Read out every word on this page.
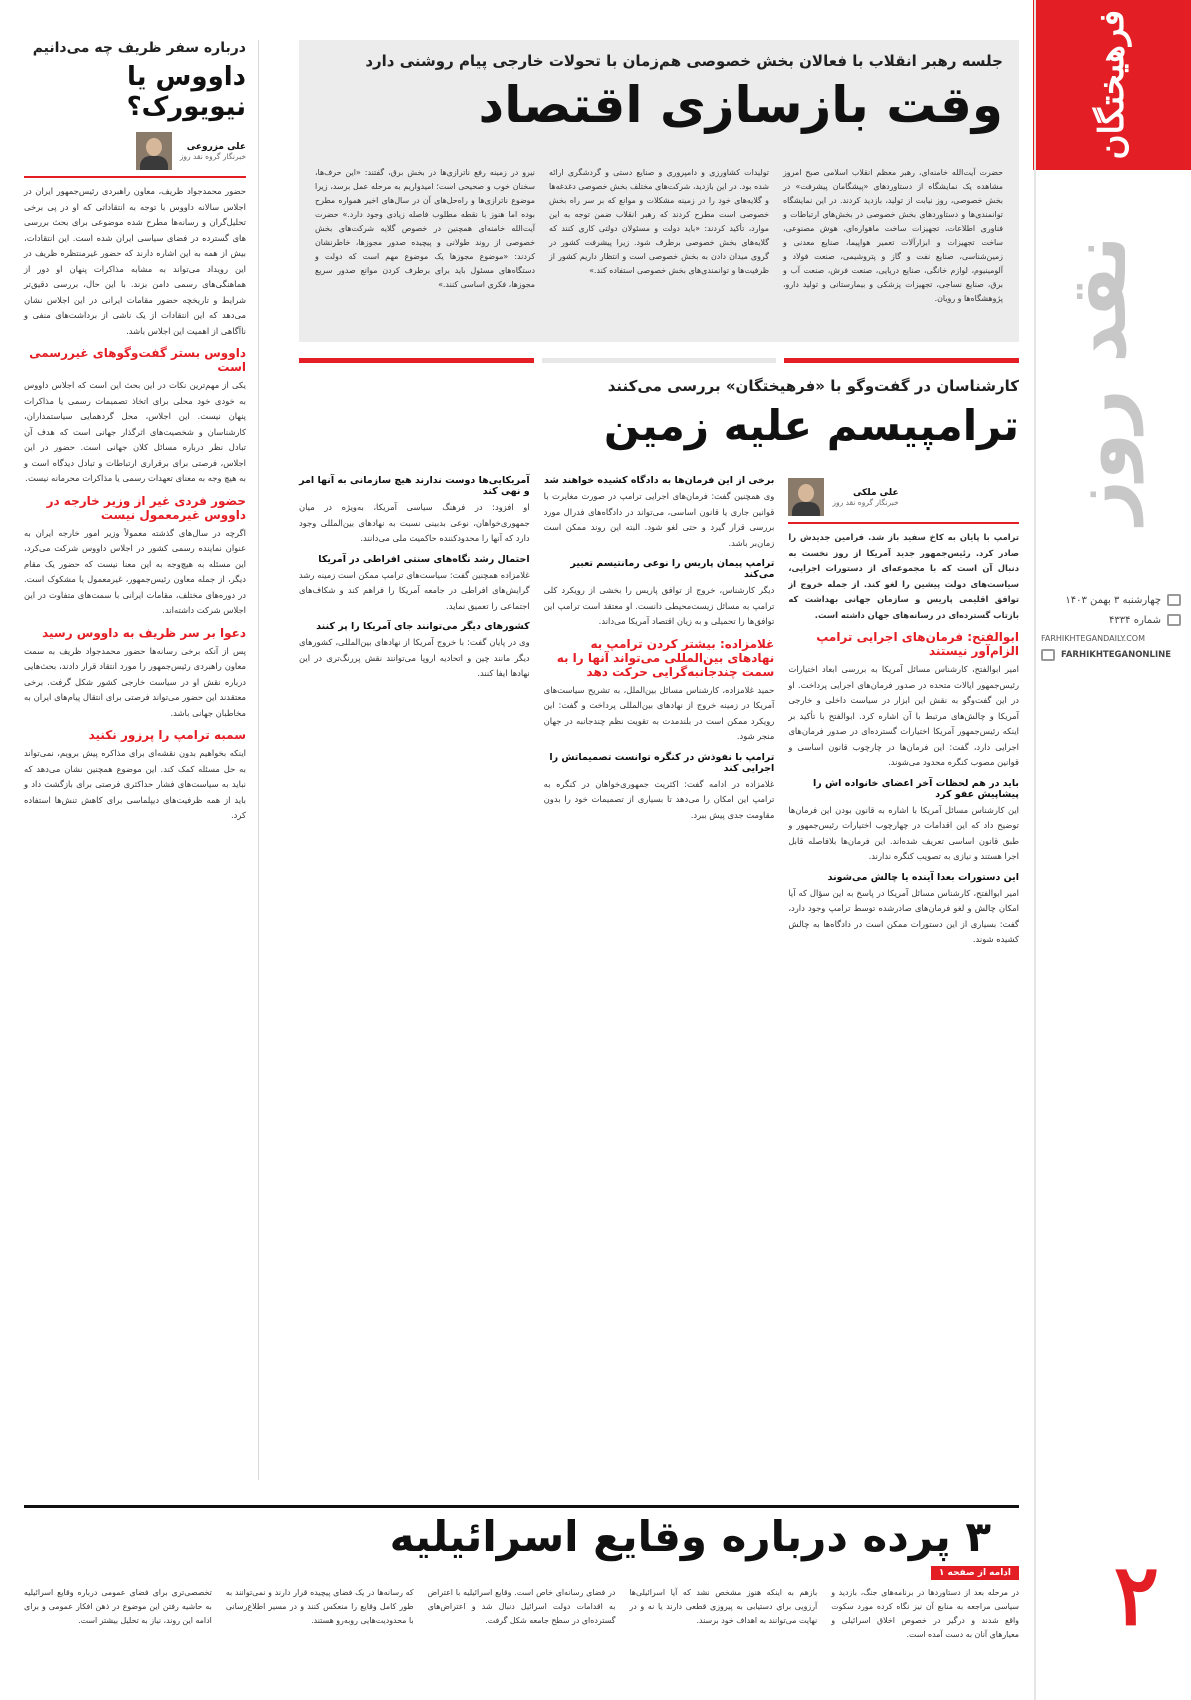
فرهیختگان
نقد روز
چهارشنبه ۳ بهمن ۱۴۰۳
شماره ۴۳۳۴
FARHIKHTEGANDAILY.COM
FARHIKHTEGANONLINE
۲
جلسه رهبر انقلاب با فعالان بخش خصوصی هم‌زمان با تحولات خارجی پیام روشنی دارد
وقت بازسازی اقتصاد
حضرت آیت‌الله خامنه‌ای، رهبر معظم انقلاب اسلامی صبح امروز مشاهده یک نمایشگاه از دستاوردهای «پیشگامان پیشرفت» در بخش خصوصی، روز نیابت از تولید، بازدید کردند. در این نمایشگاه توانمندی‌ها و دستاوردهای بخش خصوصی در بخش‌های ارتباطات و فناوری اطلاعات، تجهیزات ساخت ماهواره‌ای، هوش مصنوعی، ساخت تجهیزات و ابزارآلات تعمیر هواپیما، صنایع معدنی و زمین‌شناسی، صنایع نفت و گاز و پتروشیمی، صنعت فولاد و آلومینیوم، لوازم خانگی، صنایع دریایی، صنعت فرش، صنعت آب و برق، صنایع نساجی، تجهیزات پزشکی و بیمارستانی و تولید دارو، پژوهشگاه‌ها و رویان.
تولیدات کشاورزی و دامپروری و صنایع دستی و گردشگری ارائه شده بود. در این بازدید، شرکت‌های مختلف بخش خصوصی دغدغه‌ها و گلایه‌های خود را در زمینه مشکلات و موانع که بر سر راه بخش خصوصی است مطرح کردند که رهبر انقلاب ضمن توجه به این موارد، تأکید کردند: «باید دولت و مسئولان دولتی کاری کنند که گلایه‌های بخش خصوصی برطرف شود. زیرا پیشرفت کشور در گروی میدان دادن به بخش خصوصی است و انتظار داریم کشور از ظرفیت‌ها و توانمندی‌های بخش خصوصی استفاده کند.»
نیرو در زمینه رفع ناترازی‌ها در بخش برق، گفتند: «این حرف‌ها، سخنان خوب و صحیحی است؛ امیدواریم به مرحله عمل برسد، زیرا موضوع ناترازی‌ها و راه‌حل‌های آن در سال‌های اخیر همواره مطرح بوده اما هنوز با نقطه مطلوب فاصله زیادی وجود دارد.» حضرت آیت‌الله خامنه‌ای همچنین در خصوص گلایه شرکت‌های بخش خصوصی از روند طولانی و پیچیده صدور مجوزها، خاطرنشان کردند: «موضوع مجوزها یک موضوع مهم است که دولت و دستگاه‌های مسئول باید برای برطرف کردن موانع صدور سریع مجوزها، فکری اساسی کنند.»
درباره سفر ظریف چه می‌دانیم
داووس یا نیویورک؟
علی مزروعی
خبرنگار گروه نقد روز
حضور محمدجواد ظریف، معاون راهبردی رئیس‌جمهور ایران در اجلاس سالانه داووس با توجه به انتقاداتی که او در پی برخی تحلیل‌گران و رسانه‌ها مطرح شده موضوعی برای بحث بررسی های گسترده در فضای سیاسی ایران شده است. این انتقادات، بیش از همه به این اشاره دارند که حضور غیرمنتظره ظریف در این رویداد می‌تواند به مشابه مذاکرات پنهان او دور از هماهنگی‌های رسمی دامن بزند. با این حال، بررسی دقیق‌تر شرایط و تاریخچه حضور مقامات ایرانی در این اجلاس نشان می‌دهد که این انتقادات از یک ناشی از برداشت‌های منفی و ناآگاهی از اهمیت این اجلاس باشد.
داووس بستر گفت‌وگوهای غیررسمی است
یکی از مهم‌ترین نکات در این بحث این است که اجلاس داووس به خودی خود محلی برای اتخاذ تصمیمات رسمی یا مذاکرات پنهان نیست. این اجلاس، محل گردهمایی سیاستمداران، کارشناسان و شخصیت‌های اثرگذار جهانی است که هدف آن تبادل نظر درباره مسائل کلان جهانی است. حضور در این اجلاس، فرصتی برای برقراری ارتباطات و تبادل دیدگاه است و به هیچ وجه به معنای تعهدات رسمی یا مذاکرات محرمانه نیست.
حضور فردی غیر از وزیر خارجه در داووس غیرمعمول نیست
اگرچه در سال‌های گذشته معمولاً وزیر امور خارجه ایران به عنوان نماینده رسمی کشور در اجلاس داووس شرکت می‌کرد، این مسئله به هیچ‌وجه به این معنا نیست که حضور یک مقام دیگر، از جمله معاون رئیس‌جمهور، غیرمعمول یا مشکوک است. در دوره‌های مختلف، مقامات ایرانی با سمت‌های متفاوت در این اجلاس شرکت داشته‌اند.
دعوا بر سر ظریف به داووس رسید
پس از آنکه برخی رسانه‌ها حضور محمدجواد ظریف به سمت معاون راهبردی رئیس‌جمهور را مورد انتقاد قرار دادند، بحث‌هایی درباره نقش او در سیاست خارجی کشور شکل گرفت. برخی معتقدند این حضور می‌تواند فرصتی برای انتقال پیام‌های ایران به مخاطبان جهانی باشد.
سمبه ترامپ را پرزور نکنید
اینکه بخواهیم بدون نقشه‌ای برای مذاکره پیش برویم، نمی‌تواند به حل مسئله کمک کند. این موضوع همچنین نشان می‌دهد که نباید به سیاست‌های فشار حداکثری فرصتی برای بازگشت داد و باید از همه ظرفیت‌های دیپلماسی برای کاهش تنش‌ها استفاده کرد.
کارشناسان در گفت‌وگو با «فرهیختگان» بررسی می‌کنند
ترامپیسم علیه زمین
علی ملکی
خبرنگار گروه نقد روز
ترامپ با پایان به کاخ سفید باز شد. فرامین جدیدش را صادر کرد. رئیس‌جمهور جدید آمریکا از روز نخست به دنبال آن است که با مجموعه‌ای از دستورات اجرایی، سیاست‌های دولت پیشین را لغو کند. از جمله خروج از توافق اقلیمی پاریس و سازمان جهانی بهداشت که بازتاب گسترده‌ای در رسانه‌های جهان داشته است.
ابوالفتح: فرمان‌های اجرایی ترامپ الزام‌آور نیستند
امیر ابوالفتح، کارشناس مسائل آمریکا به بررسی ابعاد اختیارات رئیس‌جمهور ایالات متحده در صدور فرمان‌های اجرایی پرداخت. او در این گفت‌وگو به نقش این ابزار در سیاست داخلی و خارجی آمریکا و چالش‌های مرتبط با آن اشاره کرد. ابوالفتح با تأکید بر اینکه رئیس‌جمهور آمریکا اختیارات گسترده‌ای در صدور فرمان‌های اجرایی دارد، گفت: این فرمان‌ها در چارچوب قانون اساسی و قوانین مصوب کنگره محدود می‌شوند.
باید در هم لحظات آخر اعضای خانواده اش را پیشاپیش عفو کرد
این کارشناس مسائل آمریکا با اشاره به قانون بودن این فرمان‌ها توضیح داد که این اقدامات در چهارچوب اختیارات رئیس‌جمهور و طبق قانون اساسی تعریف شده‌اند. این فرمان‌ها بلافاصله قابل اجرا هستند و نیازی به تصویب کنگره ندارند.
این دستورات بعدا آینده یا چالش می‌شوند
امیر ابوالفتح، کارشناس مسائل آمریکا در پاسخ به این سؤال که آیا امکان چالش و لغو فرمان‌های صادرشده توسط ترامپ وجود دارد، گفت: بسیاری از این دستورات ممکن است در دادگاه‌ها به چالش کشیده شوند.
برخی از این فرمان‌ها به دادگاه کشیده خواهند شد
وی همچنین گفت: فرمان‌های اجرایی ترامپ در صورت مغایرت با قوانین جاری یا قانون اساسی، می‌تواند در دادگاه‌های فدرال مورد بررسی قرار گیرد و حتی لغو شود. البته این روند ممکن است زمان‌بر باشد.
ترامپ پیمان پاریس را نوعی رمانتیسم تعبیر می‌کند
دیگر کارشناس، خروج از توافق پاریس را بخشی از رویکرد کلی ترامپ به مسائل زیست‌محیطی دانست. او معتقد است ترامپ این توافق‌ها را تحمیلی و به زیان اقتصاد آمریکا می‌داند.
غلامزاده: بیشتر کردن ترامپ به نهادهای بین‌المللی می‌تواند آنها را به سمت چندجانبه‌گرایی حرکت دهد
حمید غلامزاده، کارشناس مسائل بین‌الملل، به تشریح سیاست‌های آمریکا در زمینه خروج از نهادهای بین‌المللی پرداخت و گفت: این رویکرد ممکن است در بلندمدت به تقویت نظم چندجانبه در جهان منجر شود.
ترامپ با نفوذش در کنگره توانست تصمیماتش را اجرایی کند
غلامزاده در ادامه گفت: اکثریت جمهوری‌خواهان در کنگره به ترامپ این امکان را می‌دهد تا بسیاری از تصمیمات خود را بدون مقاومت جدی پیش ببرد.
آمریکایی‌ها دوست ندارند هیچ سازمانی به آنها امر و نهی کند
او افزود: در فرهنگ سیاسی آمریکا، به‌ویژه در میان جمهوری‌خواهان، نوعی بدبینی نسبت به نهادهای بین‌المللی وجود دارد که آنها را محدودکننده حاکمیت ملی می‌دانند.
احتمال رشد نگاه‌های سنتی افراطی در آمریکا
غلامزاده همچنین گفت: سیاست‌های ترامپ ممکن است زمینه رشد گرایش‌های افراطی در جامعه آمریکا را فراهم کند و شکاف‌های اجتماعی را تعمیق نماید.
کشورهای دیگر می‌توانند جای آمریکا را پر کنند
وی در پایان گفت: با خروج آمریکا از نهادهای بین‌المللی، کشورهای دیگر مانند چین و اتحادیه اروپا می‌توانند نقش پررنگ‌تری در این نهادها ایفا کنند.
۳ پرده درباره وقایع اسرائیلیه
ادامه از صفحه ۱
در مرحله بعد از دستاوردها در برنامه‌های جنگ، بازدید و سیاسی مراجعه به منابع آن نیز نگاه کرده مورد سکوت واقع شدند و درگیر در خصوص اخلاق اسرائیلی و معیارهای آنان به دست آمده است.
بازهم به اینکه هنوز مشخص نشد که آیا اسرائیلی‌ها آرزویی برای دستیابی به پیروزی قطعی دارند یا نه و در نهایت می‌توانند به اهداف خود برسند.
در فضای رسانه‌ای خاص است. وقایع اسرائیلیه با اعتراض به اقدامات دولت اسرائیل دنبال شد و اعتراض‌های گسترده‌ای در سطح جامعه شکل گرفت.
که رسانه‌ها در یک فضای پیچیده قرار دارند و نمی‌توانند به طور کامل وقایع را منعکس کنند و در مسیر اطلاع‌رسانی با محدودیت‌هایی روبه‌رو هستند.
تخصصی‌تری برای فضای عمومی درباره وقایع اسرائیلیه به حاشیه رفتن این موضوع در ذهن افکار عمومی و برای ادامه این روند، نیاز به تحلیل بیشتر است.
